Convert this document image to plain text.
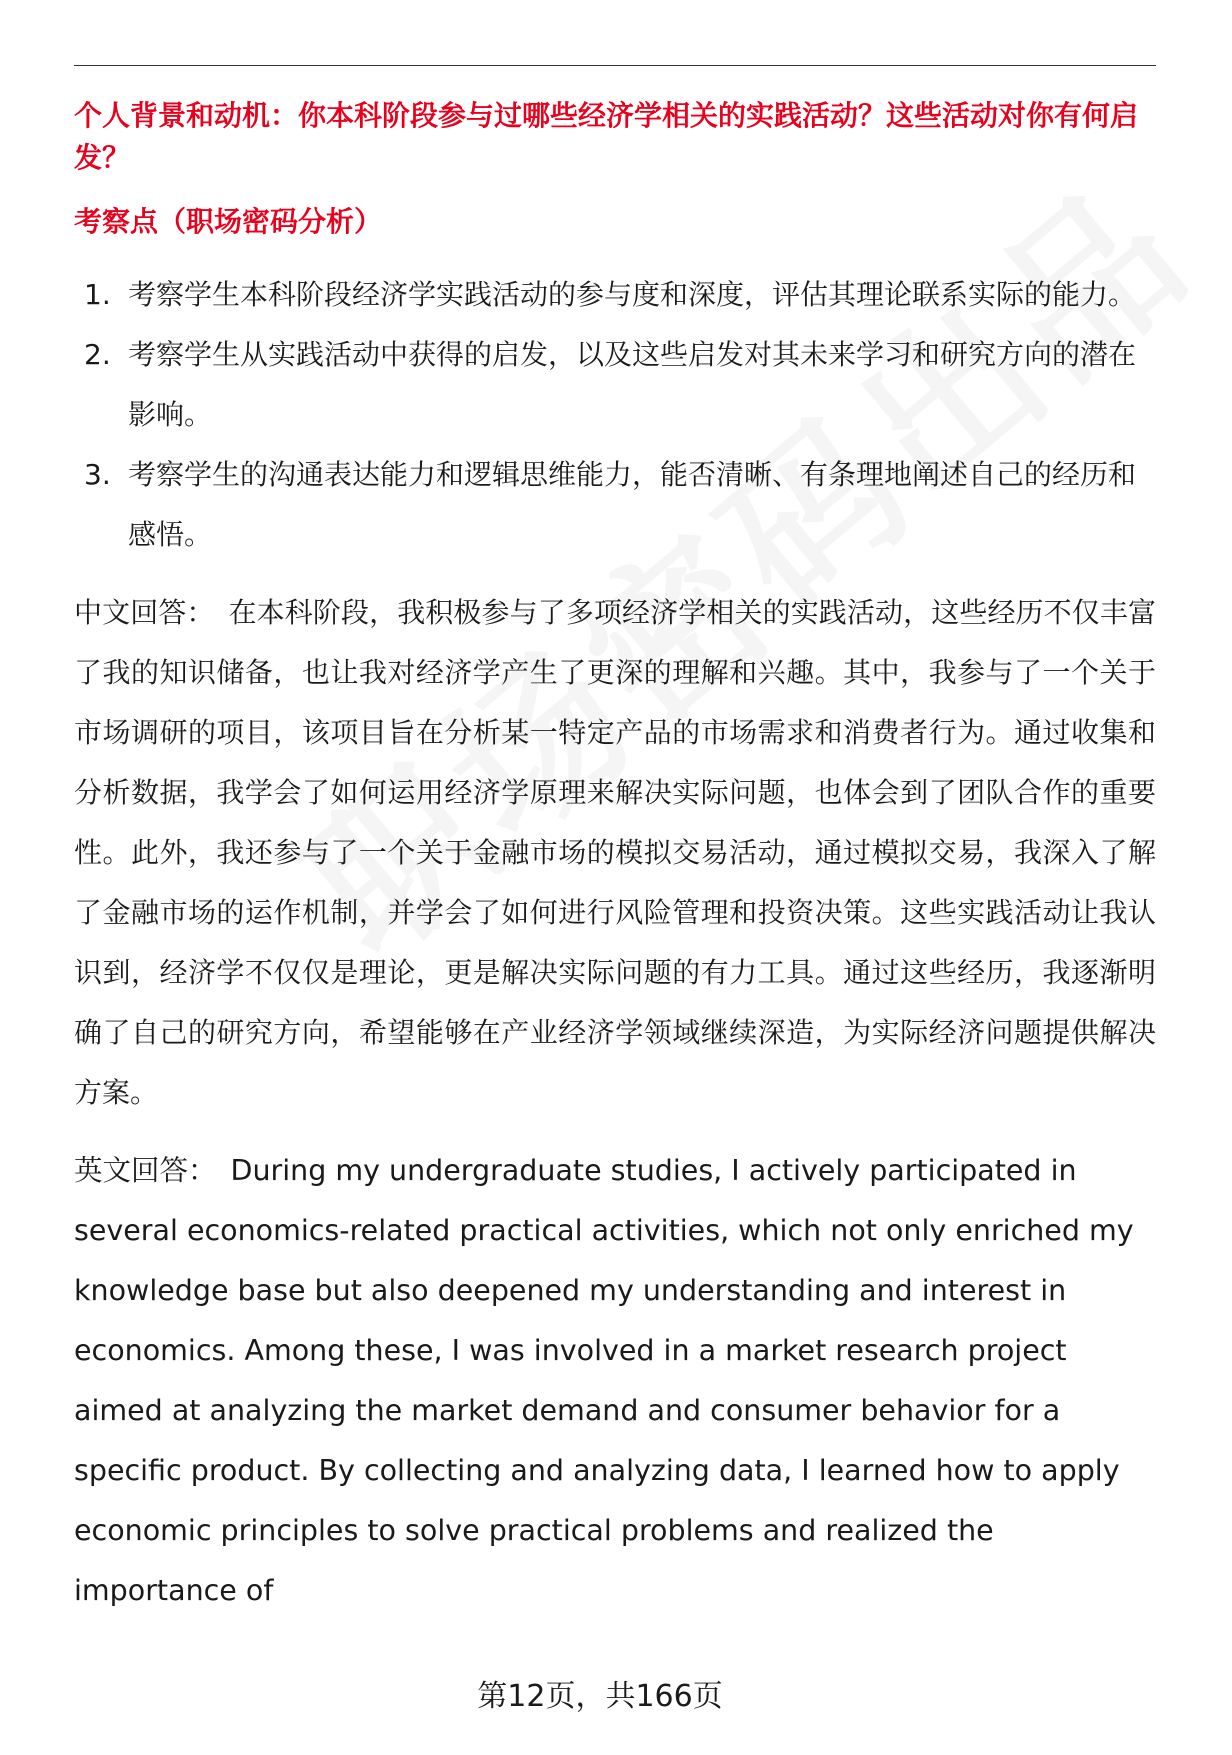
个人背景和动机：你本科阶段参与过哪些经济学相关的实践活动？这些活动对你有何启发？

考察点（职场密码分析）

1. 考察学生本科阶段经济学实践活动的参与度和深度，评估其理论联系实际的能力。
2. 考察学生从实践活动中获得的启发，以及这些启发对其未来学习和研究方向的潜在影响。
3. 考察学生的沟通表达能力和逻辑思维能力，能否清晰、有条理地阐述自己的经历和感悟。

中文回答： 在本科阶段，我积极参与了多项经济学相关的实践活动，这些经历不仅丰富了我的知识储备，也让我对经济学产生了更深的理解和兴趣。其中，我参与了一个关于市场调研的项目，该项目旨在分析某一特定产品的市场需求和消费者行为。通过收集和分析数据，我学会了如何运用经济学原理来解决实际问题，也体会到了团队合作的重要性。此外，我还参与了一个关于金融市场的模拟交易活动，通过模拟交易，我深入了解了金融市场的运作机制，并学会了如何进行风险管理和投资决策。这些实践活动让我认识到，经济学不仅仅是理论，更是解决实际问题的有力工具。通过这些经历，我逐渐明确了自己的研究方向，希望能够在产业经济学领域继续深造，为实际经济问题提供解决方案。

英文回答： During my undergraduate studies, I actively participated in several economics-related practical activities, which not only enriched my knowledge base but also deepened my understanding and interest in economics. Among these, I was involved in a market research project aimed at analyzing the market demand and consumer behavior for a specific product. By collecting and analyzing data, I learned how to apply economic principles to solve practical problems and realized the importance of

第12页，共166页
